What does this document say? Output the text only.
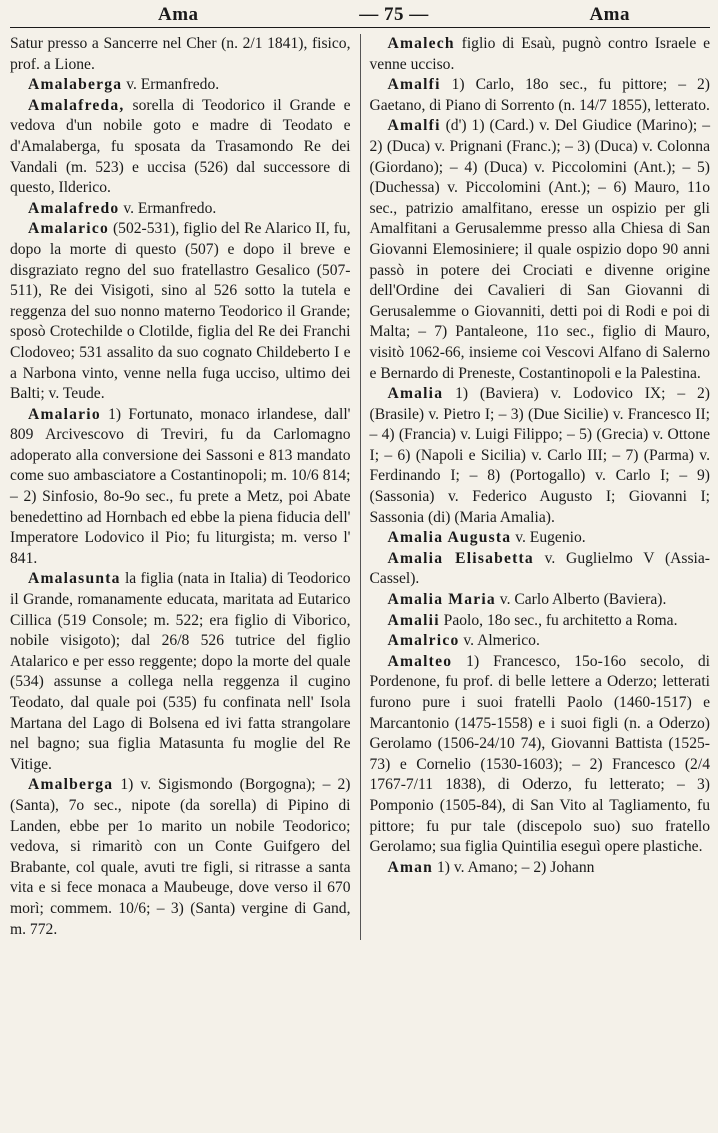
Ama	— 75 —	Ama

Satur presso a Sancerre nel Cher (n. 2/1 1841), fisico, prof. a Lione.

Amalaberga v. Ermanfredo.

Amalafreda, sorella di Teodorico il Grande e vedova d'un nobile goto e madre di Teodato e d'Amalaberga, fu sposata da Trasamondo Re dei Vandali (m. 523) e uccisa (526) dal successore di questo, Ilderico.

Amalafredo v. Ermanfredo.

Amalarico (502-531), figlio del Re Alarico II, fu, dopo la morte di questo (507) e dopo il breve e disgraziato regno del suo fratellastro Gesalico (507-511), Re dei Visigoti, sino al 526 sotto la tutela e reggenza del suo nonno materno Teodorico il Grande; sposò Crotechilde o Clotilde, figlia del Re dei Franchi Clodoveo; 531 assalito da suo cognato Childeberto I e a Narbona vinto, venne nella fuga ucciso, ultimo dei Balti; v. Teude.

Amalario 1) Fortunato, monaco irlandese, dall' 809 Arcivescovo di Treviri, fu da Carlomagno adoperato alla conversione dei Sassoni e 813 mandato come suo ambasciatore a Costantinopoli; m. 10/6 814; – 2) Sinfosio, 8o-9o sec., fu prete a Metz, poi Abate benedettino ad Hornbach ed ebbe la piena fiducia dell' Imperatore Lodovico il Pio; fu liturgista; m. verso l' 841.

Amalasunta la figlia (nata in Italia) di Teodorico il Grande, romanamente educata, maritata ad Eutarico Cillica (519 Console; m. 522; era figlio di Viborico, nobile visigoto); dal 26/8 526 tutrice del figlio Atalarico e per esso reggente; dopo la morte del quale (534) assunse a collega nella reggenza il cugino Teodato, dal quale poi (535) fu confinata nell' Isola Martana del Lago di Bolsena ed ivi fatta strangolare nel bagno; sua figlia Matasunta fu moglie del Re Vitige.

Amalberga 1) v. Sigismondo (Borgogna); – 2) (Santa), 7o sec., nipote (da sorella) di Pipino di Landen, ebbe per 1o marito un nobile Teodorico; vedova, si rimaritò con un Conte Guifgero del Brabante, col quale, avuti tre figli, si ritrasse a santa vita e si fece monaca a Maubeuge, dove verso il 670 morì; commem. 10/6; – 3) (Santa) vergine di Gand, m. 772.

Amalech figlio di Esaù, pugnò contro Israele e venne ucciso.

Amalfi 1) Carlo, 18o sec., fu pittore; – 2) Gaetano, di Piano di Sorrento (n. 14/7 1855), letterato.

Amalfi (d') 1) (Card.) v. Del Giudice (Marino); – 2) (Duca) v. Prignani (Franc.); – 3) (Duca) v. Colonna (Giordano); – 4) (Duca) v. Piccolomini (Ant.); – 5) (Duchessa) v. Piccolomini (Ant.); – 6) Mauro, 11o sec., patrizio amalfitano, eresse un ospizio per gli Amalfitani a Gerusalemme presso alla Chiesa di San Giovanni Elemosiniere; il quale ospizio dopo 90 anni passò in potere dei Crociati e divenne origine dell'Ordine dei Cavalieri di San Giovanni di Gerusalemme o Giovanniti, detti poi di Rodi e poi di Malta; – 7) Pantaleone, 11o sec., figlio di Mauro, visitò 1062-66, insieme coi Vescovi Alfano di Salerno e Bernardo di Preneste, Costantinopoli e la Palestina.

Amalia 1) (Baviera) v. Lodovico IX; – 2) (Brasile) v. Pietro I; – 3) (Due Sicilie) v. Francesco II; – 4) (Francia) v. Luigi Filippo; – 5) (Grecia) v. Ottone I; – 6) (Napoli e Sicilia) v. Carlo III; – 7) (Parma) v. Ferdinando I; – 8) (Portogallo) v. Carlo I; – 9) (Sassonia) v. Federico Augusto I; Giovanni I; Sassonia (di) (Maria Amalia).

Amalia Augusta v. Eugenio.

Amalia Elisabetta v. Guglielmo V (Assia-Cassel).

Amalia Maria v. Carlo Alberto (Baviera).

Amalii Paolo, 18o sec., fu architetto a Roma.

Amalrico v. Almerico.

Amalteo 1) Francesco, 15o-16o secolo, di Pordenone, fu prof. di belle lettere a Oderzo; letterati furono pure i suoi fratelli Paolo (1460-1517) e Marcantonio (1475-1558) e i suoi figli (n. a Oderzo) Gerolamo (1506-24/10 74), Giovanni Battista (1525-73) e Cornelio (1530-1603); – 2) Francesco (2/4 1767-7/11 1838), di Oderzo, fu letterato; – 3) Pomponio (1505-84), di San Vito al Tagliamento, fu pittore; fu pur tale (discepolo suo) suo fratello Gerolamo; sua figlia Quintilia eseguì opere plastiche.

Aman 1) v. Amano; – 2) Johann
